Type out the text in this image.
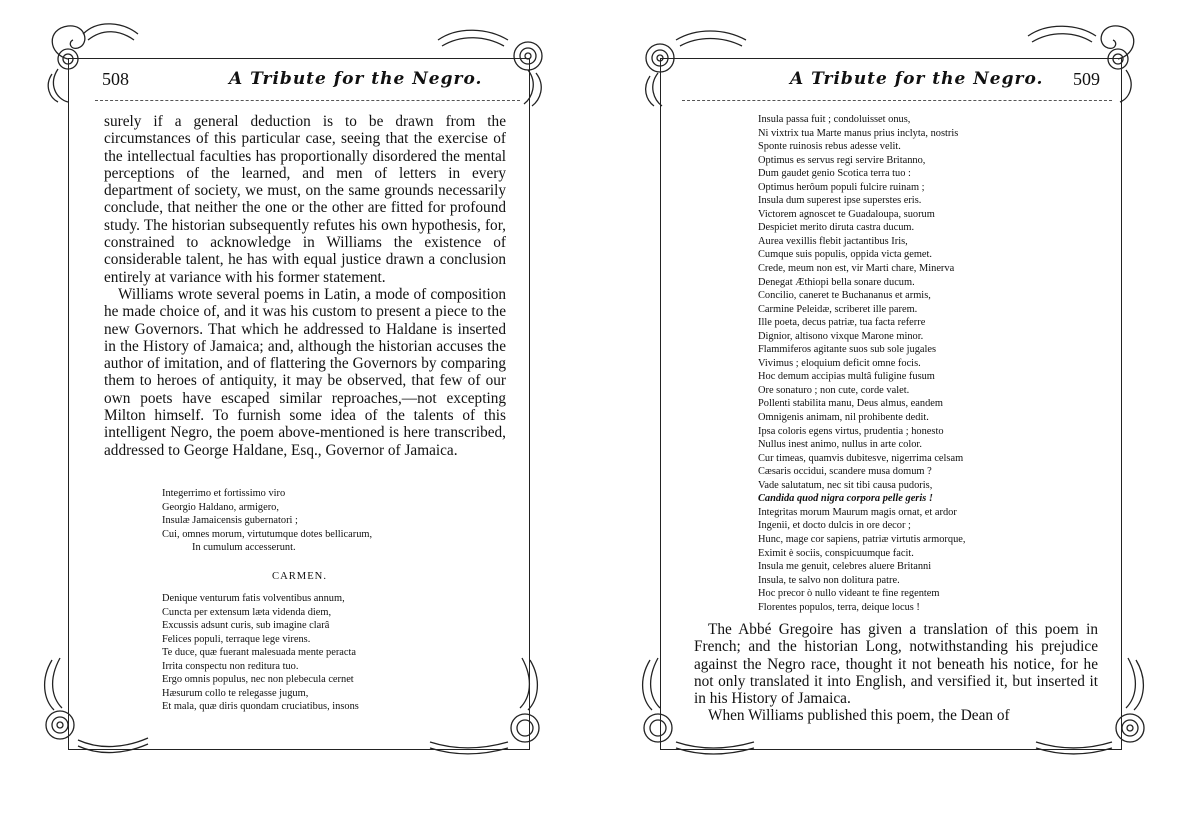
508	A Tribute for the Negro.

surely if a general deduction is to be drawn from the circumstances of this particular case, seeing that the exercise of the intellectual faculties has proportionally disordered the mental perceptions of the learned, and men of letters in every department of society, we must, on the same grounds necessarily conclude, that neither the one or the other are fitted for profound study. The historian subsequently refutes his own hypothesis, for, constrained to acknowledge in Williams the existence of considerable talent, he has with equal justice drawn a conclusion entirely at variance with his former statement.

Williams wrote several poems in Latin, a mode of composition he made choice of, and it was his custom to present a piece to the new Governors. That which he addressed to Haldane is inserted in the History of Jamaica; and, although the historian accuses the author of imitation, and of flattering the Governors by comparing them to heroes of antiquity, it may be observed, that few of our own poets have escaped similar reproaches,—not excepting Milton himself. To furnish some idea of the talents of this intelligent Negro, the poem above-mentioned is here transcribed, addressed to George Haldane, Esq., Governor of Jamaica.

Integerrimo et fortissimo viro
Georgio Haldano, armigero,
Insulæ Jamaicensis gubernatori ;
Cui, omnes morum, virtutumque dotes bellicarum,
In cumulum accesserunt.
CARMEN.
Denique venturum fatis volventibus annum,
Cuncta per extensum læta videnda diem,
Excussis adsunt curis, sub imagine clarâ
Felices populi, terraque lege virens.
Te duce, quæ fuerant malesuada mente peracta
Irrita conspectu non reditura tuo.
Ergo omnis populus, nec non plebecula cernet
Hæsurum collo te relegasse jugum,
Et mala, quæ diris quondam cruciatibus, insons
A Tribute for the Negro. 509
Insula passa fuit ; condoluisset onus,
Ni vixtrix tua Marte manus prius inclyta, nostris
Sponte ruinosis rebus adesse velit.
Optimus es servus regi servire Britanno,
Dum gaudet genio Scotica terra tuo :
Optimus herôum populi fulcire ruinam ;
Insula dum superest ipse superstes eris.
Victorem agnoscet te Guadaloupa, suorum
Despiciet merito diruta castra ducum.
Aurea vexillis flebit jactantibus Iris,
Cumque suis populis, oppida victa gemet.
Crede, meum non est, vir Marti chare, Minerva
Denegat Æthiopi bella sonare ducum.
Concilio, caneret te Buchananus et armis,
Carmine Peleidæ, scriberet ille parem.
Ille poeta, decus patriæ, tua facta referre
Dignior, altisono vixque Marone minor.
Flammiferos agitante suos sub sole jugales
Vivimus ; eloquium deficit omne focis.
Hoc demum accipias multâ fuligine fusum
Ore sonaturo ; non cute, corde valet.
Pollenti stabilita manu, Deus almus, eandem
Omnigenis animam, nil prohibente dedit.
Ipsa coloris egens virtus, prudentia ; honesto
Nullus inest animo, nullus in arte color.
Cur timeas, quamvis dubitesve, nigerrima celsam
Cæsaris occidui, scandere musa domum ?
Vade salutatum, nec sit tibi causa pudoris,
Candida quod nigra corpora pelle geris !
Integritas morum Maurum magis ornat, et ardor
Ingenii, et docto dulcis in ore decor ;
Hunc, mage cor sapiens, patriæ virtutis armorque,
Eximit è sociis, conspicuumque facit.
Insula me genuit, celebres aluere Britanni
Insula, te salvo non dolitura patre.
Hoc precor ò nullo videant te fine regentem
Florentes populos, terra, deique locus !

The Abbé Gregoire has given a translation of this poem in French; and the historian Long, notwithstanding his prejudice against the Negro race, thought it not beneath his notice, for he not only translated it into English, and versified it, but inserted it in his History of Jamaica.

When Williams published this poem, the Dean of
